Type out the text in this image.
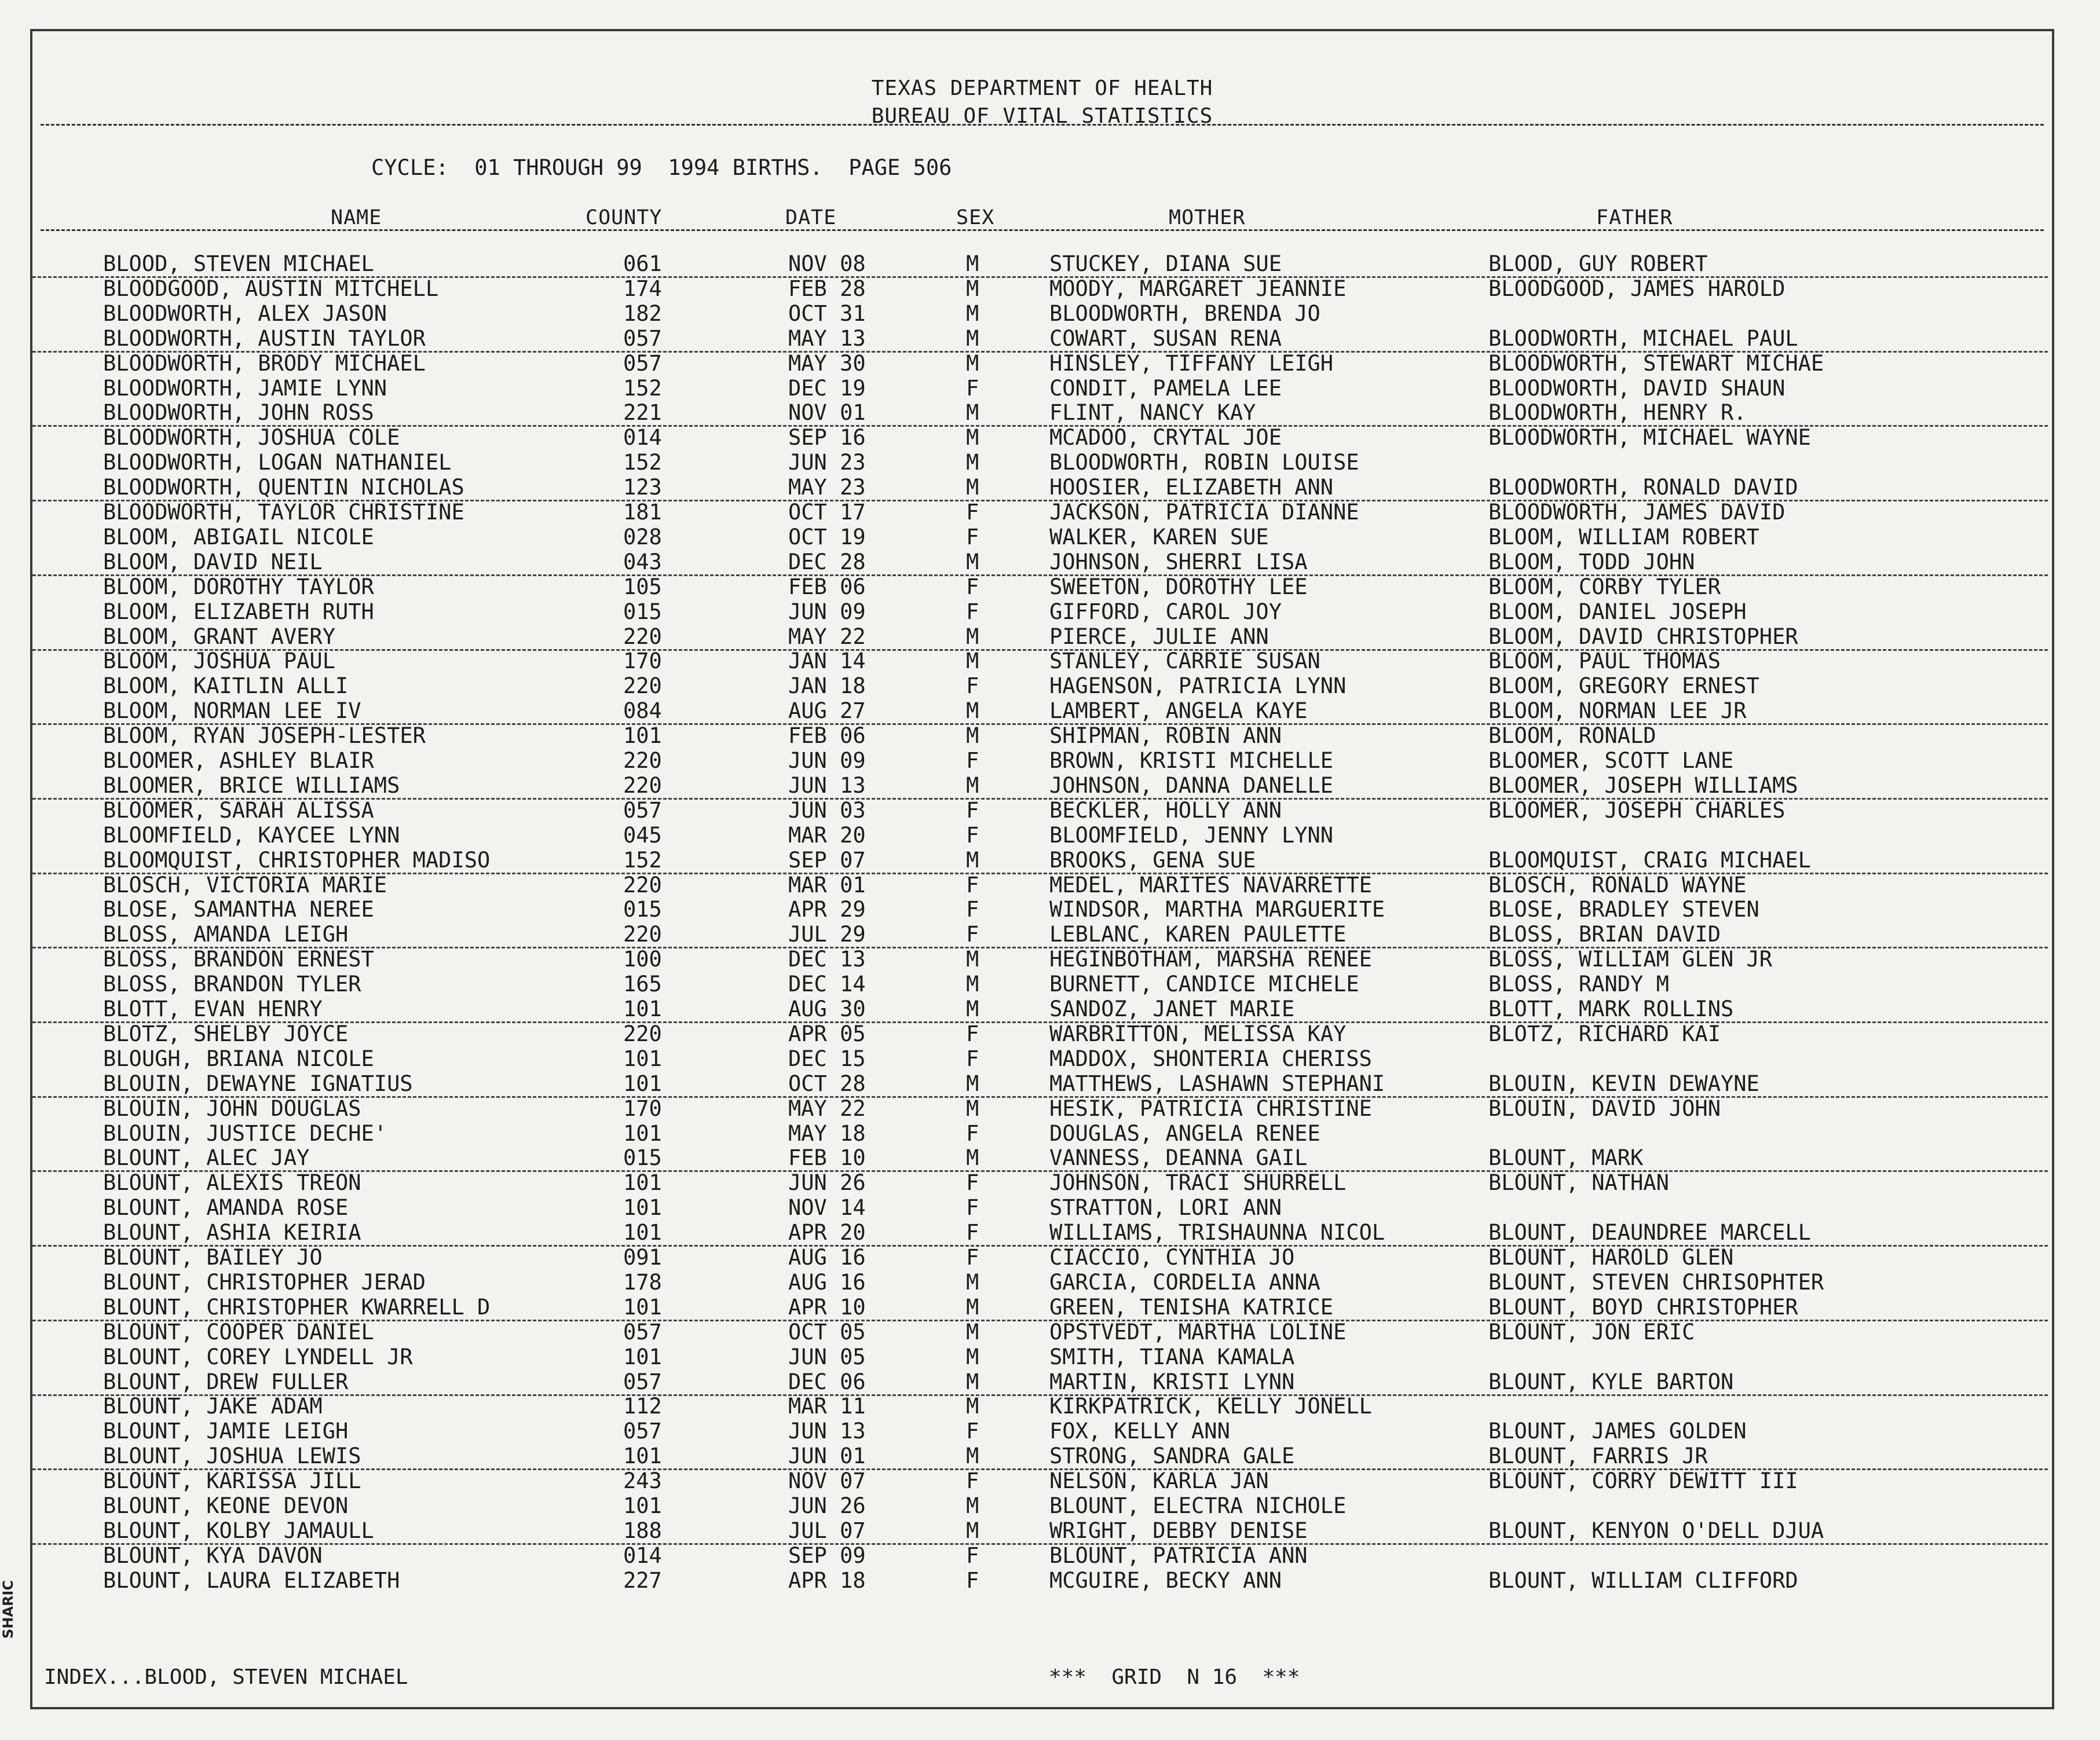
TEXAS DEPARTMENT OF HEALTH
BUREAU OF VITAL STATISTICS
CYCLE:  01 THROUGH 99  1994 BIRTHS.  PAGE 506
NAME	COUNTY	DATE	SEX	MOTHER	FATHER
BLOOD, STEVEN MICHAEL	061	NOV 08	M	STUCKEY, DIANA SUE	BLOOD, GUY ROBERT
BLOODGOOD, AUSTIN MITCHELL	174	FEB 28	M	MOODY, MARGARET JEANNIE	BLOODGOOD, JAMES HAROLD
BLOODWORTH, ALEX JASON	182	OCT 31	M	BLOODWORTH, BRENDA JO
BLOODWORTH, AUSTIN TAYLOR	057	MAY 13	M	COWART, SUSAN RENA	BLOODWORTH, MICHAEL PAUL
BLOODWORTH, BRODY MICHAEL	057	MAY 30	M	HINSLEY, TIFFANY LEIGH	BLOODWORTH, STEWART MICHAE
BLOODWORTH, JAMIE LYNN	152	DEC 19	F	CONDIT, PAMELA LEE	BLOODWORTH, DAVID SHAUN
BLOODWORTH, JOHN ROSS	221	NOV 01	M	FLINT, NANCY KAY	BLOODWORTH, HENRY R.
BLOODWORTH, JOSHUA COLE	014	SEP 16	M	MCADOO, CRYTAL JOE	BLOODWORTH, MICHAEL WAYNE
BLOODWORTH, LOGAN NATHANIEL	152	JUN 23	M	BLOODWORTH, ROBIN LOUISE
BLOODWORTH, QUENTIN NICHOLAS	123	MAY 23	M	HOOSIER, ELIZABETH ANN	BLOODWORTH, RONALD DAVID
BLOODWORTH, TAYLOR CHRISTINE	181	OCT 17	F	JACKSON, PATRICIA DIANNE	BLOODWORTH, JAMES DAVID
BLOOM, ABIGAIL NICOLE	028	OCT 19	F	WALKER, KAREN SUE	BLOOM, WILLIAM ROBERT
BLOOM, DAVID NEIL	043	DEC 28	M	JOHNSON, SHERRI LISA	BLOOM, TODD JOHN
BLOOM, DOROTHY TAYLOR	105	FEB 06	F	SWEETON, DOROTHY LEE	BLOOM, CORBY TYLER
BLOOM, ELIZABETH RUTH	015	JUN 09	F	GIFFORD, CAROL JOY	BLOOM, DANIEL JOSEPH
BLOOM, GRANT AVERY	220	MAY 22	M	PIERCE, JULIE ANN	BLOOM, DAVID CHRISTOPHER
BLOOM, JOSHUA PAUL	170	JAN 14	M	STANLEY, CARRIE SUSAN	BLOOM, PAUL THOMAS
BLOOM, KAITLIN ALLI	220	JAN 18	F	HAGENSON, PATRICIA LYNN	BLOOM, GREGORY ERNEST
BLOOM, NORMAN LEE IV	084	AUG 27	M	LAMBERT, ANGELA KAYE	BLOOM, NORMAN LEE JR
BLOOM, RYAN JOSEPH-LESTER	101	FEB 06	M	SHIPMAN, ROBIN ANN	BLOOM, RONALD
BLOOMER, ASHLEY BLAIR	220	JUN 09	F	BROWN, KRISTI MICHELLE	BLOOMER, SCOTT LANE
BLOOMER, BRICE WILLIAMS	220	JUN 13	M	JOHNSON, DANNA DANELLE	BLOOMER, JOSEPH WILLIAMS
BLOOMER, SARAH ALISSA	057	JUN 03	F	BECKLER, HOLLY ANN	BLOOMER, JOSEPH CHARLES
BLOOMFIELD, KAYCEE LYNN	045	MAR 20	F	BLOOMFIELD, JENNY LYNN
BLOOMQUIST, CHRISTOPHER MADISO	152	SEP 07	M	BROOKS, GENA SUE	BLOOMQUIST, CRAIG MICHAEL
BLOSCH, VICTORIA MARIE	220	MAR 01	F	MEDEL, MARITES NAVARRETTE	BLOSCH, RONALD WAYNE
BLOSE, SAMANTHA NEREE	015	APR 29	F	WINDSOR, MARTHA MARGUERITE	BLOSE, BRADLEY STEVEN
BLOSS, AMANDA LEIGH	220	JUL 29	F	LEBLANC, KAREN PAULETTE	BLOSS, BRIAN DAVID
BLOSS, BRANDON ERNEST	100	DEC 13	M	HEGINBOTHAM, MARSHA RENEE	BLOSS, WILLIAM GLEN JR
BLOSS, BRANDON TYLER	165	DEC 14	M	BURNETT, CANDICE MICHELE	BLOSS, RANDY M
BLOTT, EVAN HENRY	101	AUG 30	M	SANDOZ, JANET MARIE	BLOTT, MARK ROLLINS
BLOTZ, SHELBY JOYCE	220	APR 05	F	WARBRITTON, MELISSA KAY	BLOTZ, RICHARD KAI
BLOUGH, BRIANA NICOLE	101	DEC 15	F	MADDOX, SHONTERIA CHERISS
BLOUIN, DEWAYNE IGNATIUS	101	OCT 28	M	MATTHEWS, LASHAWN STEPHANI	BLOUIN, KEVIN DEWAYNE
BLOUIN, JOHN DOUGLAS	170	MAY 22	M	HESIK, PATRICIA CHRISTINE	BLOUIN, DAVID JOHN
BLOUIN, JUSTICE DECHE'	101	MAY 18	F	DOUGLAS, ANGELA RENEE
BLOUNT, ALEC JAY	015	FEB 10	M	VANNESS, DEANNA GAIL	BLOUNT, MARK
BLOUNT, ALEXIS TREON	101	JUN 26	F	JOHNSON, TRACI SHURRELL	BLOUNT, NATHAN
BLOUNT, AMANDA ROSE	101	NOV 14	F	STRATTON, LORI ANN
BLOUNT, ASHIA KEIRIA	101	APR 20	F	WILLIAMS, TRISHAUNNA NICOL	BLOUNT, DEAUNDREE MARCELL
BLOUNT, BAILEY JO	091	AUG 16	F	CIACCIO, CYNTHIA JO	BLOUNT, HAROLD GLEN
BLOUNT, CHRISTOPHER JERAD	178	AUG 16	M	GARCIA, CORDELIA ANNA	BLOUNT, STEVEN CHRISOPHTER
BLOUNT, CHRISTOPHER KWARRELL D	101	APR 10	M	GREEN, TENISHA KATRICE	BLOUNT, BOYD CHRISTOPHER
BLOUNT, COOPER DANIEL	057	OCT 05	M	OPSTVEDT, MARTHA LOLINE	BLOUNT, JON ERIC
BLOUNT, COREY LYNDELL JR	101	JUN 05	M	SMITH, TIANA KAMALA
BLOUNT, DREW FULLER	057	DEC 06	M	MARTIN, KRISTI LYNN	BLOUNT, KYLE BARTON
BLOUNT, JAKE ADAM	112	MAR 11	M	KIRKPATRICK, KELLY JONELL
BLOUNT, JAMIE LEIGH	057	JUN 13	F	FOX, KELLY ANN	BLOUNT, JAMES GOLDEN
BLOUNT, JOSHUA LEWIS	101	JUN 01	M	STRONG, SANDRA GALE	BLOUNT, FARRIS JR
BLOUNT, KARISSA JILL	243	NOV 07	F	NELSON, KARLA JAN	BLOUNT, CORRY DEWITT III
BLOUNT, KEONE DEVON	101	JUN 26	M	BLOUNT, ELECTRA NICHOLE
BLOUNT, KOLBY JAMAULL	188	JUL 07	M	WRIGHT, DEBBY DENISE	BLOUNT, KENYON O'DELL DJUA
BLOUNT, KYA DAVON	014	SEP 09	F	BLOUNT, PATRICIA ANN
BLOUNT, LAURA ELIZABETH	227	APR 18	F	MCGUIRE, BECKY ANN	BLOUNT, WILLIAM CLIFFORD
INDEX...BLOOD, STEVEN MICHAEL	***  GRID  N 16  ***
SHARIC
